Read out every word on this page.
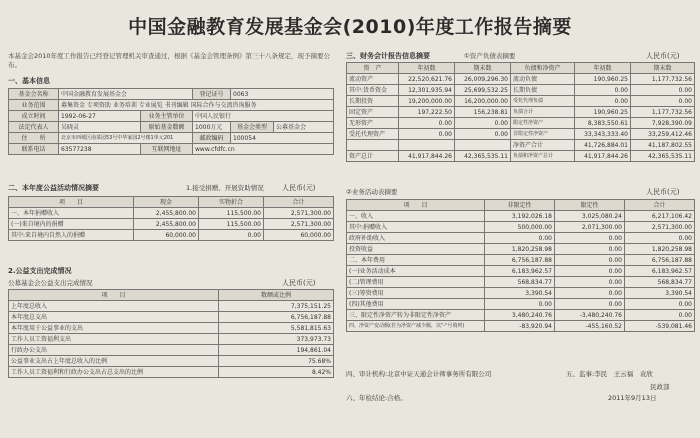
中国金融教育发展基金会(2010)年度工作报告摘要
本基金会2010年度工作报告已经登记管理机关审查通过，根据《基金会管理条例》第三十八条规定，现予摘要公布。
一、基本信息
基金会名称	中国金融教育发展基金会		登记证号	0063	
业务范围	募集资金 专项资助 业务培训 专业展览 书刊编辑 国际合作与交流咨询服务				
成立时间	1992-06-27	业务主管单位	中国人民银行		
法定代表人	吴晓灵	原始基金数额	1000万元	基金会类型	公募基金会
住　　所	北京市西城区南菜园53号中华家园2号楼1单元201		邮政编码	100054	
联系电话	63577238	互联网地址	www.cfdfc.cn		
二、本年度公益活动情况摘要	1.接受捐赠、开展资助情况	人民币(元)
项　　目	现金	实物折合	合计
一、本年捐赠收入	2,455,800.00	115,500.00	2,571,300.00
(一)来自境内的捐赠	2,455,800.00	115,500.00	2,571,300.00
其中:来自境内自然人的捐赠	60,000.00	0.00	60,000.00
2.公益支出完成情况
公募基金会公益支出完成情况	人民币(元)
项　　目	数额或比例
上年度总收入	7,375,151.25
本年度总支出	6,756,187.88
本年度用于公益事业的支出	5,581,815.63
工作人员工资福利支出	373,973.73
行政办公支出	194,861.04
公益事业支出占上年度总收入的比例	75.68%
工作人员工资福利和行政办公支出占总支出的比例	8.42%
三、财务会计报告信息摘要	①资产负债表摘要	人民币(元)
资　产	年初数	期末数	负债和净资产	年初数	期末数
流动资产	22,520,621.76	26,009,296.30	流动负债	190,960.25	1,177,732.56
其中:货币资金	12,301,935.94	25,699,532.25	长期负债	0.00	0.00
长期投资	19,200,000.00	16,200,000.00	受托代理负债	0.00	0.00
固定资产	197,222.50	156,238.81	负债合计	190,960.25	1,177,732.56
无形资产	0.00	0.00	限定性净资产	8,383,550.61	7,928,390.09
受托代理资产	0.00	0.00	非限定性净资产	33,343,333.40	33,259,412.46
			净资产合计	41,726,884.01	41,187,802.55
资产总计	41,917,844.26	42,365,535.11	负债和净资产总计	41,917,844.26	42,365,535.11
②业务活动表摘要	人民币(元)
项　　目	非限定性	限定性	合计
一、收入	3,192,026.18	3,025,080.24	6,217,106.42
其中:捐赠收入	500,000.00	2,071,300.00	2,571,300.00
政府补助收入	0.00	0.00	0.00
投资收益	1,820,258.98	0.00	1,820,258.98
二、本年费用	6,756,187.88	0.00	6,756,187.88
(一)业务活动成本	6,183,962.57	0.00	6,183,962.57
(二)管理费用	568,834.77	0.00	568,834.77
(三)筹资费用	3,390.54	0.00	3,390.54
(四)其他费用	0.00	0.00	0.00
三、限定性净资产转为非限定性净资产	3,480,240.76	-3,480,240.76	0.00
四、净资产变动额(若为净资产减少额，以"-"号填列)	-83,920.94	-455,160.52	-539,081.46
四、审计机构:北京中证天通会计师事务所有限公司	五、监事:李民　王云福　袁欣
六、年检结论:合格。
民政部
2011年9月13日
